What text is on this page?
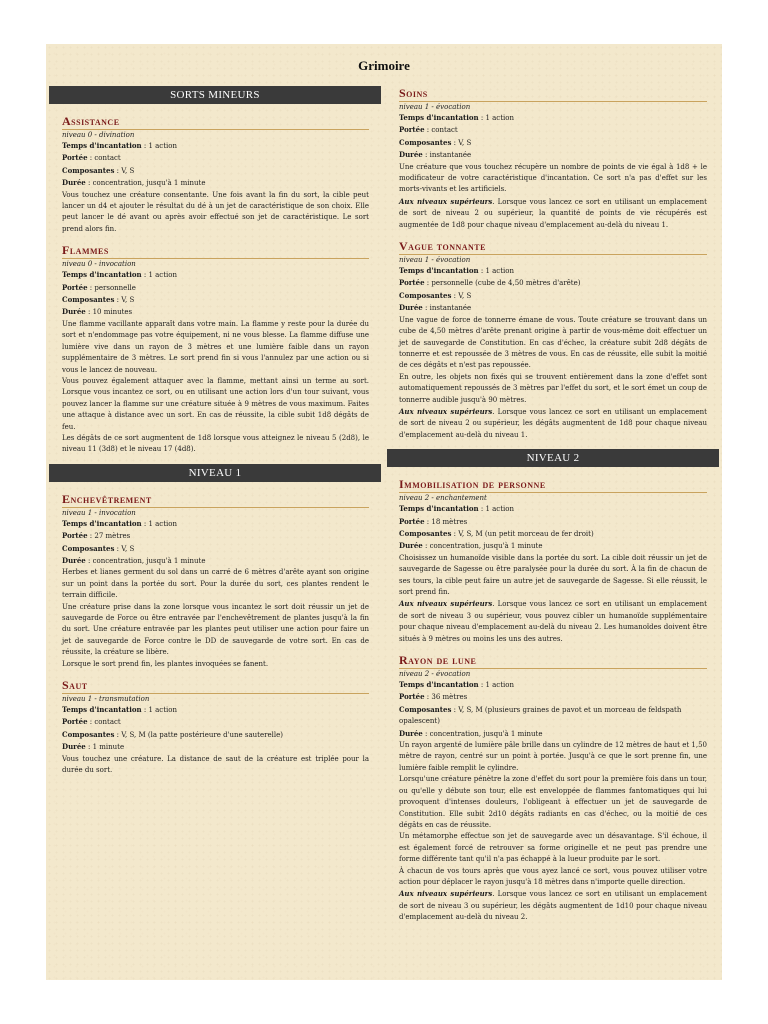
Grimoire
SORTS MINEURS
Assistance
niveau 0 - divination
Temps d'incantation : 1 action
Portée : contact
Composantes : V, S
Durée : concentration, jusqu'à 1 minute
Vous touchez une créature consentante. Une fois avant la fin du sort, la cible peut lancer un d4 et ajouter le résultat du dé à un jet de caractéristique de son choix. Elle peut lancer le dé avant ou après avoir effectué son jet de caractéristique. Le sort prend alors fin.
Flammes
niveau 0 - invocation
Temps d'incantation : 1 action
Portée : personnelle
Composantes : V, S
Durée : 10 minutes
Une flamme vacillante apparaît dans votre main. La flamme y reste pour la durée du sort et n'endommage pas votre équipement, ni ne vous blesse. La flamme diffuse une lumière vive dans un rayon de 3 mètres et une lumière faible dans un rayon supplémentaire de 3 mètres. Le sort prend fin si vous l'annulez par une action ou si vous le lancez de nouveau.
Vous pouvez également attaquer avec la flamme, mettant ainsi un terme au sort. Lorsque vous incantez ce sort, ou en utilisant une action lors d'un tour suivant, vous pouvez lancer la flamme sur une créature située à 9 mètres de vous maximum. Faites une attaque à distance avec un sort. En cas de réussite, la cible subit 1d8 dégâts de feu.
Les dégâts de ce sort augmentent de 1d8 lorsque vous atteignez le niveau 5 (2d8), le niveau 11 (3d8) et le niveau 17 (4d8).
NIVEAU 1
Enchevêtrement
niveau 1 - invocation
Temps d'incantation : 1 action
Portée : 27 mètres
Composantes : V, S
Durée : concentration, jusqu'à 1 minute
Herbes et lianes germent du sol dans un carré de 6 mètres d'arête ayant son origine sur un point dans la portée du sort. Pour la durée du sort, ces plantes rendent le terrain difficile.
Une créature prise dans la zone lorsque vous incantez le sort doit réussir un jet de sauvegarde de Force ou être entravée par l'enchevêtrement de plantes jusqu'à la fin du sort. Une créature entravée par les plantes peut utiliser une action pour faire un jet de sauvegarde de Force contre le DD de sauvegarde de votre sort. En cas de réussite, la créature se libère.
Lorsque le sort prend fin, les plantes invoquées se fanent.
Saut
niveau 1 - transmutation
Temps d'incantation : 1 action
Portée : contact
Composantes : V, S, M (la patte postérieure d'une sauterelle)
Durée : 1 minute
Vous touchez une créature. La distance de saut de la créature est triplée pour la durée du sort.
Soins
niveau 1 - évocation
Temps d'incantation : 1 action
Portée : contact
Composantes : V, S
Durée : instantanée
Une créature que vous touchez récupère un nombre de points de vie égal à 1d8 + le modificateur de votre caractéristique d'incantation. Ce sort n'a pas d'effet sur les morts-vivants et les artificiels.
Aux niveaux supérieurs. Lorsque vous lancez ce sort en utilisant un emplacement de sort de niveau 2 ou supérieur, la quantité de points de vie récupérés est augmentée de 1d8 pour chaque niveau d'emplacement au-delà du niveau 1.
Vague tonnante
niveau 1 - évocation
Temps d'incantation : 1 action
Portée : personnelle (cube de 4,50 mètres d'arête)
Composantes : V, S
Durée : instantanée
Une vague de force de tonnerre émane de vous. Toute créature se trouvant dans un cube de 4,50 mètres d'arête prenant origine à partir de vous-même doit effectuer un jet de sauvegarde de Constitution. En cas d'échec, la créature subit 2d8 dégâts de tonnerre et est repoussée de 3 mètres de vous. En cas de réussite, elle subit la moitié de ces dégâts et n'est pas repoussée.
En outre, les objets non fixés qui se trouvent entièrement dans la zone d'effet sont automatiquement repoussés de 3 mètres par l'effet du sort, et le sort émet un coup de tonnerre audible jusqu'à 90 mètres.
Aux niveaux supérieurs. Lorsque vous lancez ce sort en utilisant un emplacement de sort de niveau 2 ou supérieur, les dégâts augmentent de 1d8 pour chaque niveau d'emplacement au-delà du niveau 1.
NIVEAU 2
Immobilisation de personne
niveau 2 - enchantement
Temps d'incantation : 1 action
Portée : 18 mètres
Composantes : V, S, M (un petit morceau de fer droit)
Durée : concentration, jusqu'à 1 minute
Choisissez un humanoïde visible dans la portée du sort. La cible doit réussir un jet de sauvegarde de Sagesse ou être paralysée pour la durée du sort. À la fin de chacun de ses tours, la cible peut faire un autre jet de sauvegarde de Sagesse. Si elle réussit, le sort prend fin.
Aux niveaux supérieurs. Lorsque vous lancez ce sort en utilisant un emplacement de sort de niveau 3 ou supérieur, vous pouvez cibler un humanoïde supplémentaire pour chaque niveau d'emplacement au-delà du niveau 2. Les humanoïdes doivent être situés à 9 mètres ou moins les uns des autres.
Rayon de lune
niveau 2 - évocation
Temps d'incantation : 1 action
Portée : 36 mètres
Composantes : V, S, M (plusieurs graines de pavot et un morceau de feldspath opalescent)
Durée : concentration, jusqu'à 1 minute
Un rayon argenté de lumière pâle brille dans un cylindre de 12 mètres de haut et 1,50 mètre de rayon, centré sur un point à portée. Jusqu'à ce que le sort prenne fin, une lumière faible remplit le cylindre.
Lorsqu'une créature pénètre la zone d'effet du sort pour la première fois dans un tour, ou qu'elle y débute son tour, elle est enveloppée de flammes fantomatiques qui lui provoquent d'intenses douleurs, l'obligeant à effectuer un jet de sauvegarde de Constitution. Elle subit 2d10 dégâts radiants en cas d'échec, ou la moitié de ces dégâts en cas de réussite.
Un métamorphe effectue son jet de sauvegarde avec un désavantage. S'il échoue, il est également forcé de retrouver sa forme originelle et ne peut pas prendre une forme différente tant qu'il n'a pas échappé à la lueur produite par le sort.
À chacun de vos tours après que vous ayez lancé ce sort, vous pouvez utiliser votre action pour déplacer le rayon jusqu'à 18 mètres dans n'importe quelle direction.
Aux niveaux supérieurs. Lorsque vous lancez ce sort en utilisant un emplacement de sort de niveau 3 ou supérieur, les dégâts augmentent de 1d10 pour chaque niveau d'emplacement au-delà du niveau 2.
